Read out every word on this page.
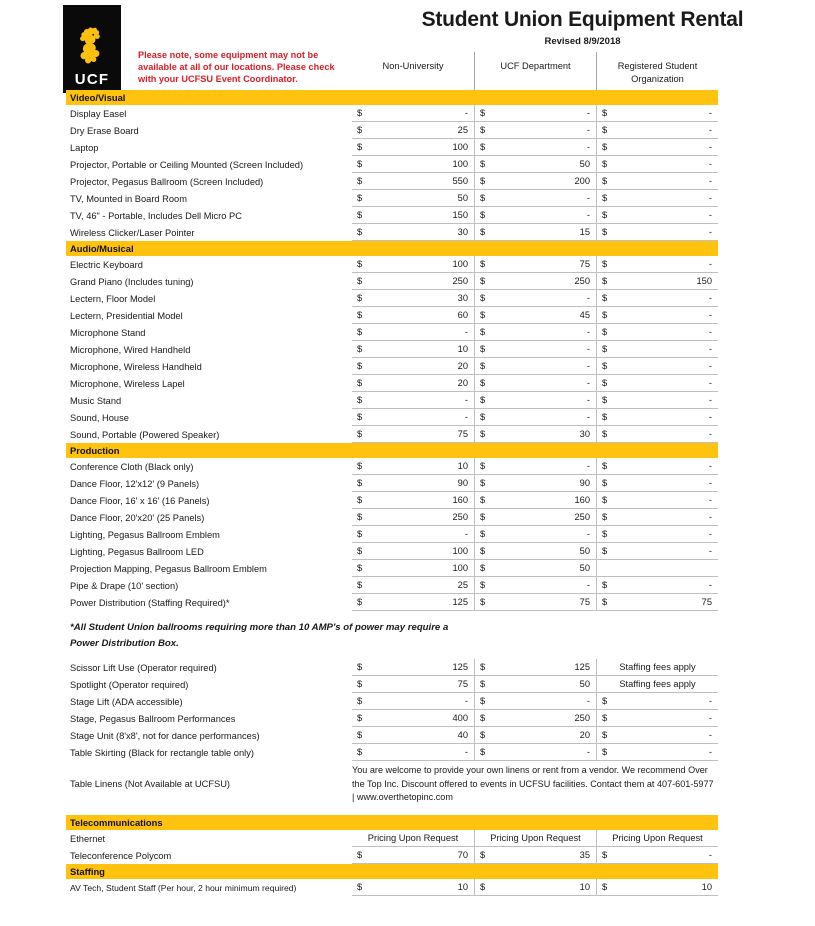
UCF
Please note, some equipment may not be available at all of our locations. Please check with your UCFSU Event Coordinator.
Student Union Equipment Rental
Revised 8/9/2018
Non-University	UCF Department	Registered Student Organization
Video/Visual
Display Easel	$	- $	- $	-
Dry Erase Board	$	25 $	- $	-
Laptop	$	100 $	- $	-
Projector, Portable or Ceiling Mounted (Screen Included)	$	100 $	50 $	-
Projector, Pegasus Ballroom (Screen Included)	$	550 $	200 $	-
TV, Mounted in Board Room	$	50 $	- $	-
TV, 46" - Portable, Includes Dell Micro PC	$	150 $	- $	-
Wireless Clicker/Laser Pointer	$	30 $	15 $	-
Audio/Musical
Electric Keyboard	$	100 $	75 $	-
Grand Piano (Includes tuning)	$	250 $	250 $	150
Lectern, Floor Model	$	30 $	- $	-
Lectern, Presidential Model	$	60 $	45 $	-
Microphone Stand	$	- $	- $	-
Microphone, Wired Handheld	$	10 $	- $	-
Microphone, Wireless Handheld	$	20 $	- $	-
Microphone, Wireless Lapel	$	20 $	- $	-
Music Stand	$	- $	- $	-
Sound, House	$	- $	- $	-
Sound, Portable (Powered Speaker)	$	75 $	30 $	-
Production
Conference Cloth (Black only)	$	10 $	- $	-
Dance Floor, 12'x12' (9 Panels)	$	90 $	90 $	-
Dance Floor, 16' x 16' (16 Panels)	$	160 $	160 $	-
Dance Floor, 20'x20' (25 Panels)	$	250 $	250 $	-
Lighting, Pegasus Ballroom Emblem	$	- $	- $	-
Lighting, Pegasus Ballroom LED	$	100 $	50 $	-
Projection Mapping, Pegasus Ballroom Emblem	$	100 $	50
Pipe & Drape (10' section)	$	25 $	- $	-
Power Distribution (Staffing Required)*	$	125 $	75 $	75
*All Student Union ballrooms requiring more than 10 AMP's of power may require a Power Distribution Box.
Scissor Lift Use (Operator required)	$	125 $	125	Staffing fees apply
Spotlight (Operator required)	$	75 $	50	Staffing fees apply
Stage Lift (ADA accessible)	$	- $	- $	-
Stage, Pegasus Ballroom Performances	$	400 $	250 $	-
Stage Unit (8'x8', not for dance performances)	$	40 $	20 $	-
Table Skirting (Black for rectangle table only)	$	- $	- $	-
Table Linens (Not Available at UCFSU)
You are welcome to provide your own linens or rent from a vendor. We recommend Over the Top Inc. Discount offered to events in UCFSU facilities. Contact them at 407-601-5977 | www.overthetopinc.com
Telecommunications
Ethernet	Pricing Upon Request	Pricing Upon Request	Pricing Upon Request
Teleconference Polycom	$	70 $	35 $	-
Staffing
AV Tech, Student Staff (Per hour, 2 hour minimum required)	$	10 $	10 $	10
